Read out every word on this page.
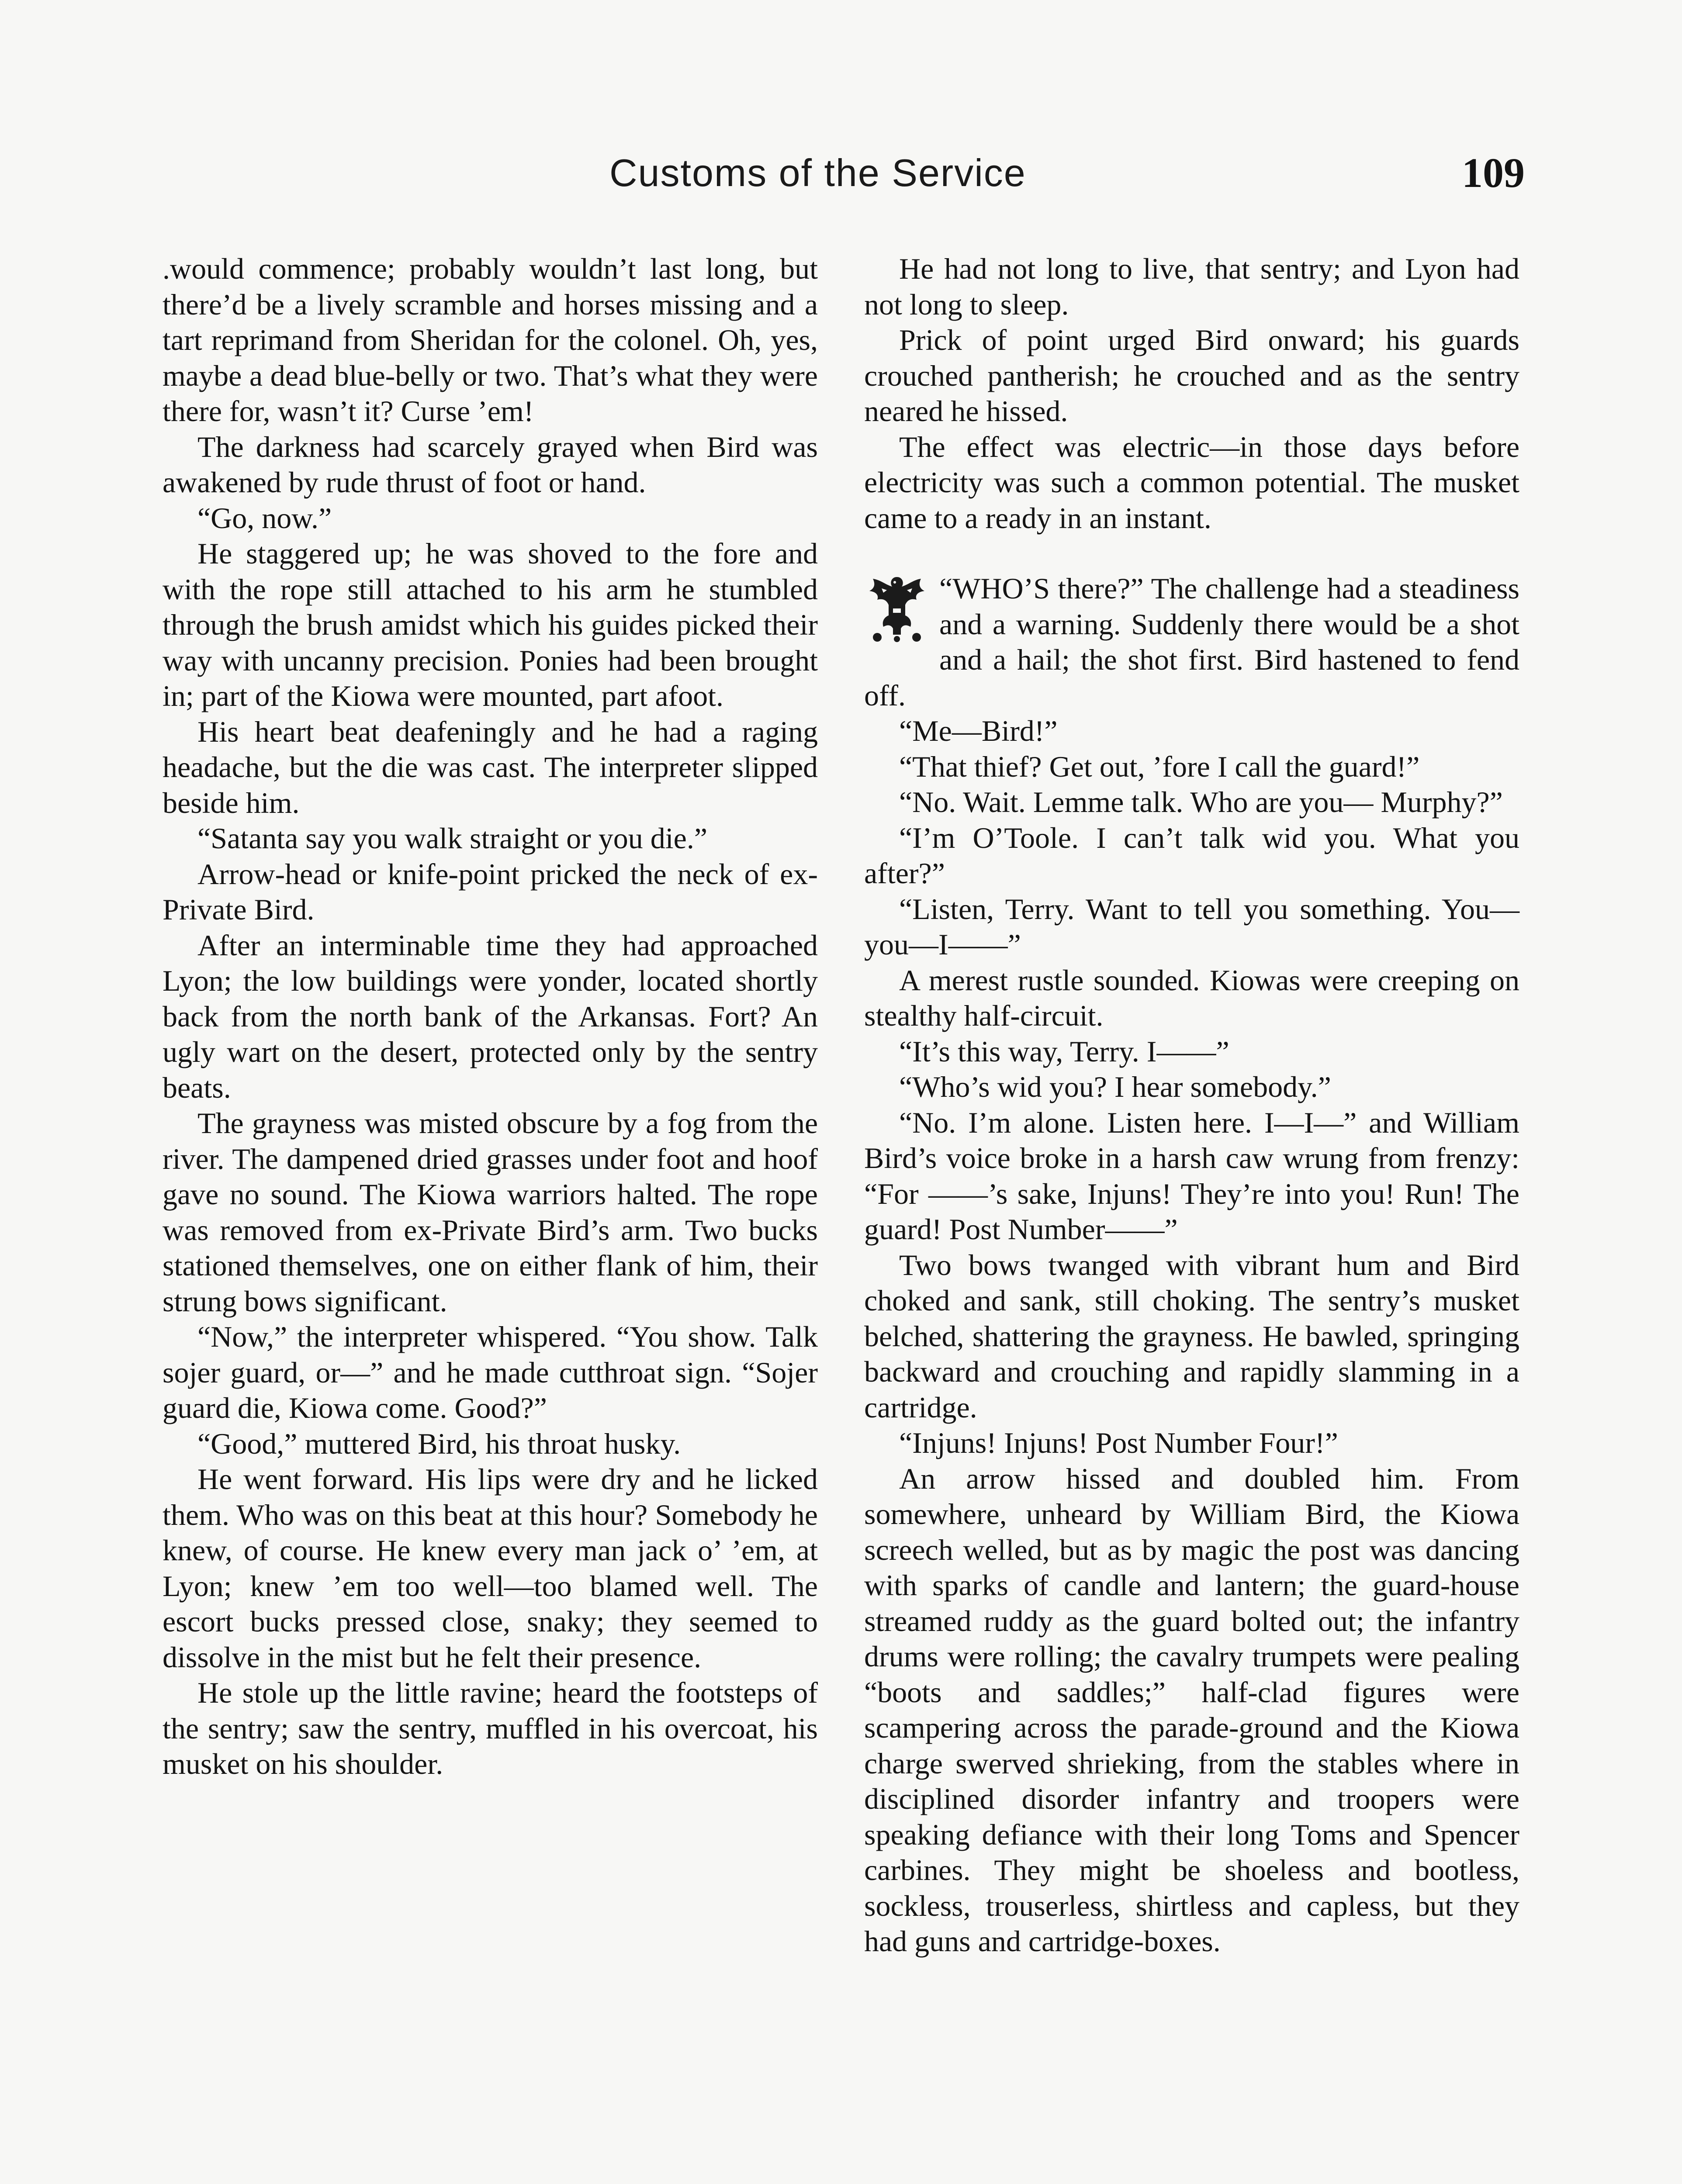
Customs of the Service	109

.would commence; probably wouldn’t last long, but there’d be a lively scramble and horses missing and a tart reprimand from Sheridan for the colonel. Oh, yes, maybe a dead blue-belly or two. That’s what they were there for, wasn’t it? Curse ’em!

The darkness had scarcely grayed when Bird was awakened by rude thrust of foot or hand.

“Go, now.”

He staggered up; he was shoved to the fore and with the rope still attached to his arm he stumbled through the brush amidst which his guides picked their way with uncanny precision. Ponies had been brought in; part of the Kiowa were mounted, part afoot.

His heart beat deafeningly and he had a raging headache, but the die was cast. The interpreter slipped beside him.

“Satanta say you walk straight or you die.”

Arrow-head or knife-point pricked the neck of ex-Private Bird.

After an interminable time they had approached Lyon; the low buildings were yonder, located shortly back from the north bank of the Arkansas. Fort? An ugly wart on the desert, protected only by the sentry beats.

The grayness was misted obscure by a fog from the river. The dampened dried grasses under foot and hoof gave no sound. The Kiowa warriors halted. The rope was removed from ex-Private Bird’s arm. Two bucks stationed themselves, one on either flank of him, their strung bows significant.

“Now,” the interpreter whispered. “You show. Talk sojer guard, or—” and he made cutthroat sign. “Sojer guard die, Kiowa come. Good?”

“Good,” muttered Bird, his throat husky.

He went forward. His lips were dry and he licked them. Who was on this beat at this hour? Somebody he knew, of course. He knew every man jack o’ ’em, at Lyon; knew ’em too well—too blamed well. The escort bucks pressed close, snaky; they seemed to dissolve in the mist but he felt their presence.

He stole up the little ravine; heard the footsteps of the sentry; saw the sentry, muffled in his overcoat, his musket on his shoulder.

He had not long to live, that sentry; and Lyon had not long to sleep.

Prick of point urged Bird onward; his guards crouched pantherish; he crouched and as the sentry neared he hissed.

The effect was electric—in those days before electricity was such a common potential. The musket came to a ready in an instant.

“WHO’S there?” The challenge had a steadiness and a warning. Suddenly there would be a shot and a hail; the shot first. Bird hastened to fend off.

“Me—Bird!”

“That thief? Get out, ’fore I call the guard!”

“No. Wait. Lemme talk. Who are you— Murphy?”

“I’m O’Toole. I can’t talk wid you. What you after?”

“Listen, Terry. Want to tell you something. You—you—I——”

A merest rustle sounded. Kiowas were creeping on stealthy half-circuit.

“It’s this way, Terry. I——”

“Who’s wid you? I hear somebody.”

“No. I’m alone. Listen here. I—I—” and William Bird’s voice broke in a harsh caw wrung from frenzy: “For ——’s sake, Injuns! They’re into you! Run! The guard! Post Number——”

Two bows twanged with vibrant hum and Bird choked and sank, still choking. The sentry’s musket belched, shattering the grayness. He bawled, springing backward and crouching and rapidly slamming in a cartridge.

“Injuns! Injuns! Post Number Four!”

An arrow hissed and doubled him. From somewhere, unheard by William Bird, the Kiowa screech welled, but as by magic the post was dancing with sparks of candle and lantern; the guard-house streamed ruddy as the guard bolted out; the infantry drums were rolling; the cavalry trumpets were pealing “boots and saddles;” half-clad figures were scampering across the parade-ground and the Kiowa charge swerved shrieking, from the stables where in disciplined disorder infantry and troopers were speaking defiance with their long Toms and Spencer carbines. They might be shoeless and bootless, sockless, trouserless, shirtless and capless, but they had guns and cartridge-boxes.
